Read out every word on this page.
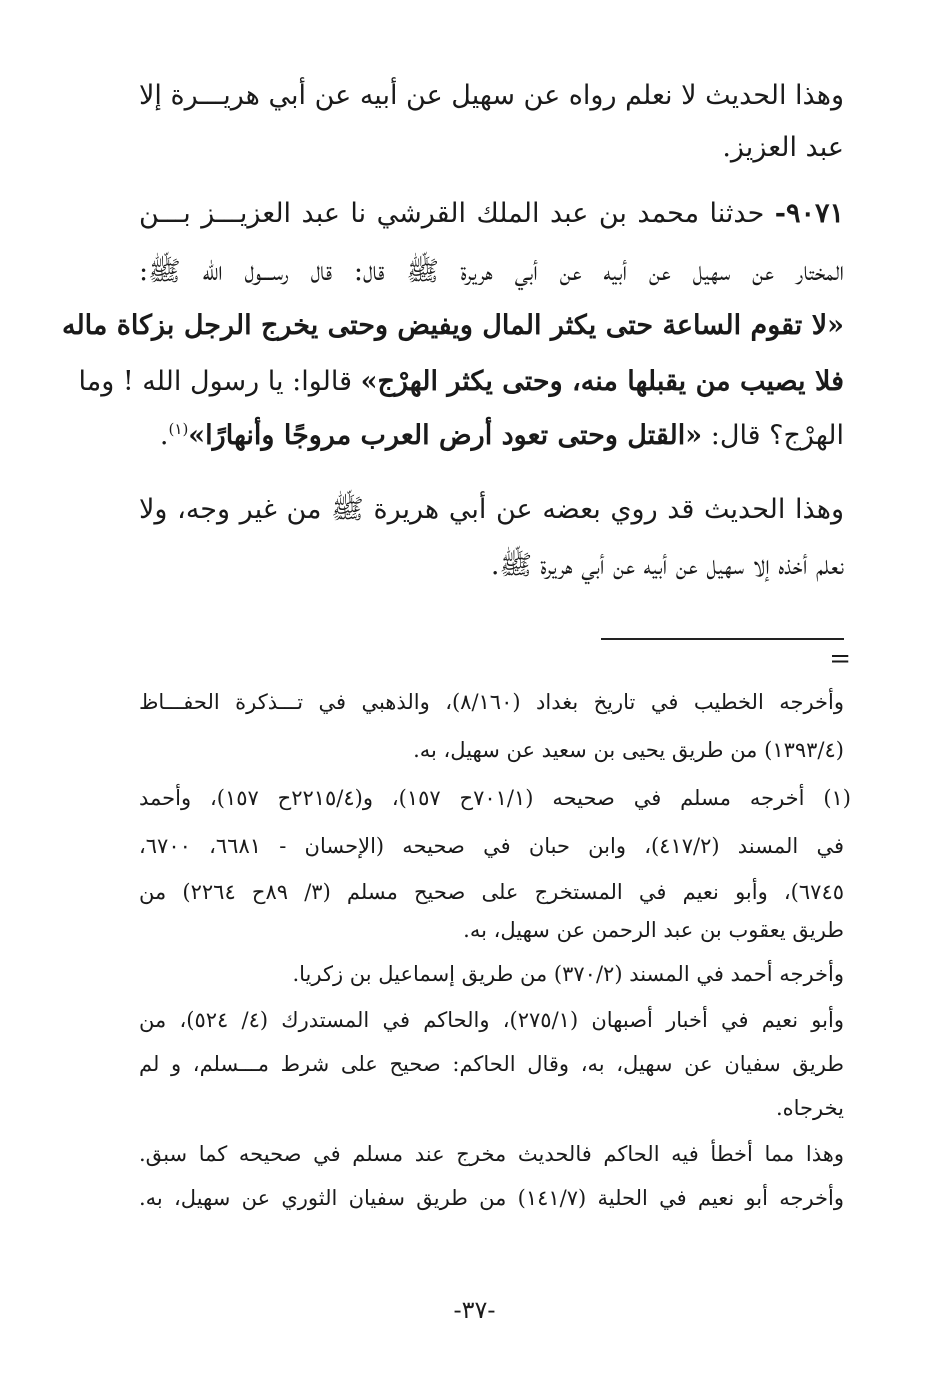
وهذا الحديث لا نعلم رواه عن سهيل عن أبيه عن أبي هريـــرة إلا
عبد العزيز.
٩٠٧١- حدثنا محمد بن عبد الملك القرشي نا عبد العزيـــز بـــن
المختار عن سهيل عن أبيه عن أبي هريرة ﷺ قال: قال رســـول الله ﷺ:
«لا تقوم الساعة حتى يكثر المال ويفيض وحتى يخرج الرجل بزكاة ماله
فلا يصيب من يقبلها منه، وحتى يكثر الهرْج» قالوا: يا رسول الله ! وما
الهرْج؟ قال: «القتل وحتى تعود أرض العرب مروجًا وأنهارًا»$^{(١)}$.
وهذا الحديث قد روي بعضه عن أبي هريرة ﷺ من غير وجه، ولا
نعلم أخذه إلا سهيل عن أبيه عن أبي هريرة ﷺ.
=
وأخرجه الخطيب في تاريخ بغداد (٨/١٦٠)، والذهبي في تـــذكرة الحفـــاظ
(١٣٩٣/٤) من طريق يحيى بن سعيد عن سهيل، به.
(١) أخرجه مسلم في صحيحه (٧٠١/١ح ١٥٧)، و(٢٢١٥/٤ح ١٥٧)، وأحمد
في المسند (٤١٧/٢)، وابن حبان في صحيحه (الإحسان - ٦٦٨١، ٦٧٠٠،
٦٧٤٥)، وأبو نعيم في المستخرج على صحيح مسلم (٣/ ٨٩ح ٢٢٦٤) من
طريق يعقوب بن عبد الرحمن عن سهيل، به.
وأخرجه أحمد في المسند (٣٧٠/٢) من طريق إسماعيل بن زكريا.
وأبو نعيم في أخبار أصبهان (٢٧٥/١)، والحاكم في المستدرك (٤/ ٥٢٤)، من
طريق سفيان عن سهيل، به، وقال الحاكم: صحيح على شرط مـــسلم، و لم
يخرجاه.
وهذا مما أخطأ فيه الحاكم فالحديث مخرج عند مسلم في صحيحه كما سبق.
وأخرجه أبو نعيم في الحلية (١٤١/٧) من طريق سفيان الثوري عن سهيل، به.
-٣٧-
